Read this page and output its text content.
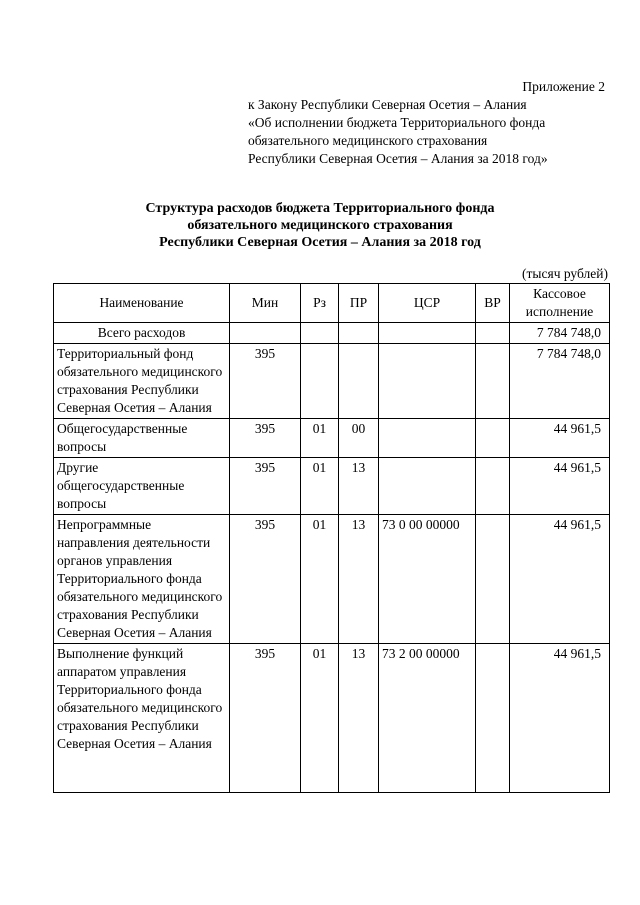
Приложение 2
к Закону Республики Северная Осетия – Алания
«Об исполнении бюджета Территориального фонда
обязательного медицинского страхования
Республики Северная Осетия – Алания за 2018 год»
Структура расходов бюджета Территориального фонда
обязательного медицинского страхования
Республики Северная Осетия – Алания за 2018 год
(тысяч рублей)
Наименование	Мин	Рз	ПР	ЦСР	ВР	Кассовое исполнение
Всего расходов						7 784 748,0
Территориальный фонд обязательного медицинского страхования Республики Северная Осетия – Алания	395					7 784 748,0
Общегосударственные вопросы	395	01	00			44 961,5
Другие общегосударственные вопросы	395	01	13			44 961,5
Непрограммные направления деятельности органов управления Территориального фонда обязательного медицинского страхования Республики Северная Осетия – Алания	395	01	13	73 0 00 00000		44 961,5
Выполнение функций аппаратом управления Территориального фонда обязательного медицинского страхования Республики Северная Осетия – Алания	395	01	13	73 2 00 00000		44 961,5
